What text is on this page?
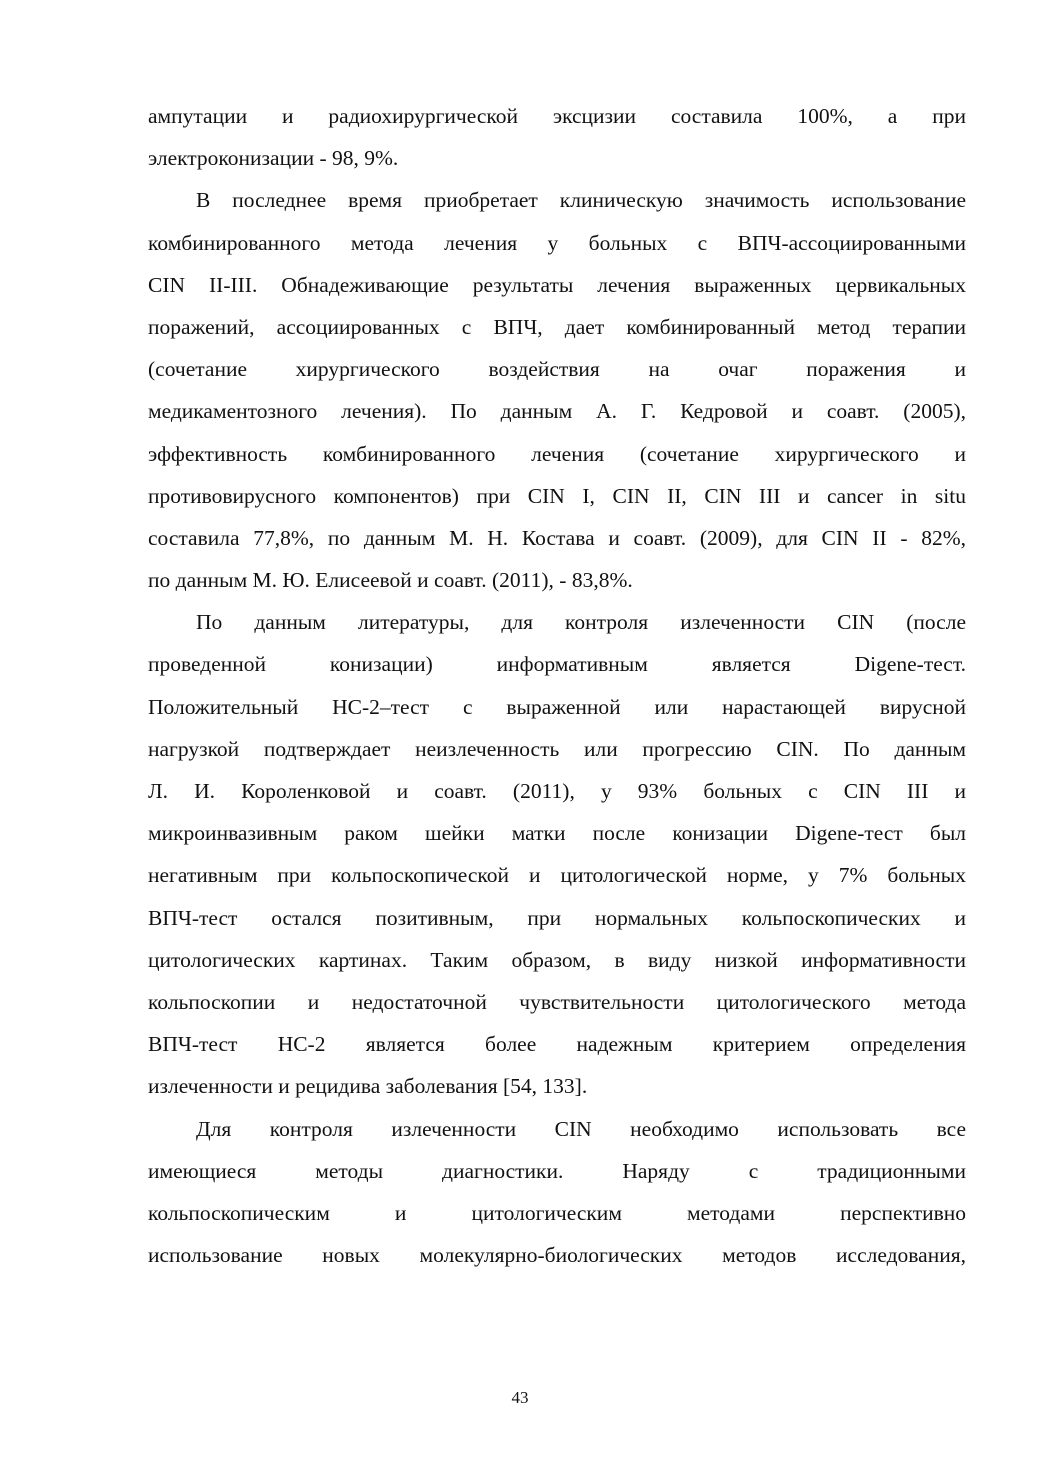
ампутации и радиохирургической эксцизии составила 100%, а при
электроконизации - 98, 9%.
В последнее время приобретает клиническую значимость использование
комбинированного метода лечения у больных с ВПЧ-ассоциированными
CIN II-III. Обнадеживающие результаты лечения выраженных цервикальных
поражений, ассоциированных с ВПЧ, дает комбинированный метод терапии
(сочетание хирургического воздействия на очаг поражения и
медикаментозного лечения). По данным А. Г. Кедровой и соавт. (2005),
эффективность комбинированного лечения (сочетание хирургического и
противовирусного компонентов) при CIN I, CIN II, CIN III и cancer in situ
составила 77,8%, по данным М. Н. Костава и соавт. (2009), для CIN II - 82%,
по данным М. Ю. Елисеевой и соавт. (2011), - 83,8%.
По данным литературы, для контроля излеченности CIN (после
проведенной конизации) информативным является Digene-тест.
Положительный НС-2–тест с выраженной или нарастающей вирусной
нагрузкой подтверждает неизлеченность или прогрессию CIN. По данным
Л. И. Короленковой и соавт. (2011), у 93% больных с CIN III и
микроинвазивным раком шейки матки после конизации Digene-тест был
негативным при кольпоскопической и цитологической норме, у 7% больных
ВПЧ-тест остался позитивным, при нормальных кольпоскопических и
цитологических картинах. Таким образом, в виду низкой информативности
кольпоскопии и недостаточной чувствительности цитологического метода
ВПЧ-тест НС-2 является более надежным критерием определения
излеченности и рецидива заболевания [54, 133].
Для контроля излеченности CIN необходимо использовать все
имеющиеся методы диагностики. Наряду с традиционными
кольпоскопическим и цитологическим методами перспективно
использование новых молекулярно-биологических методов исследования,
43
